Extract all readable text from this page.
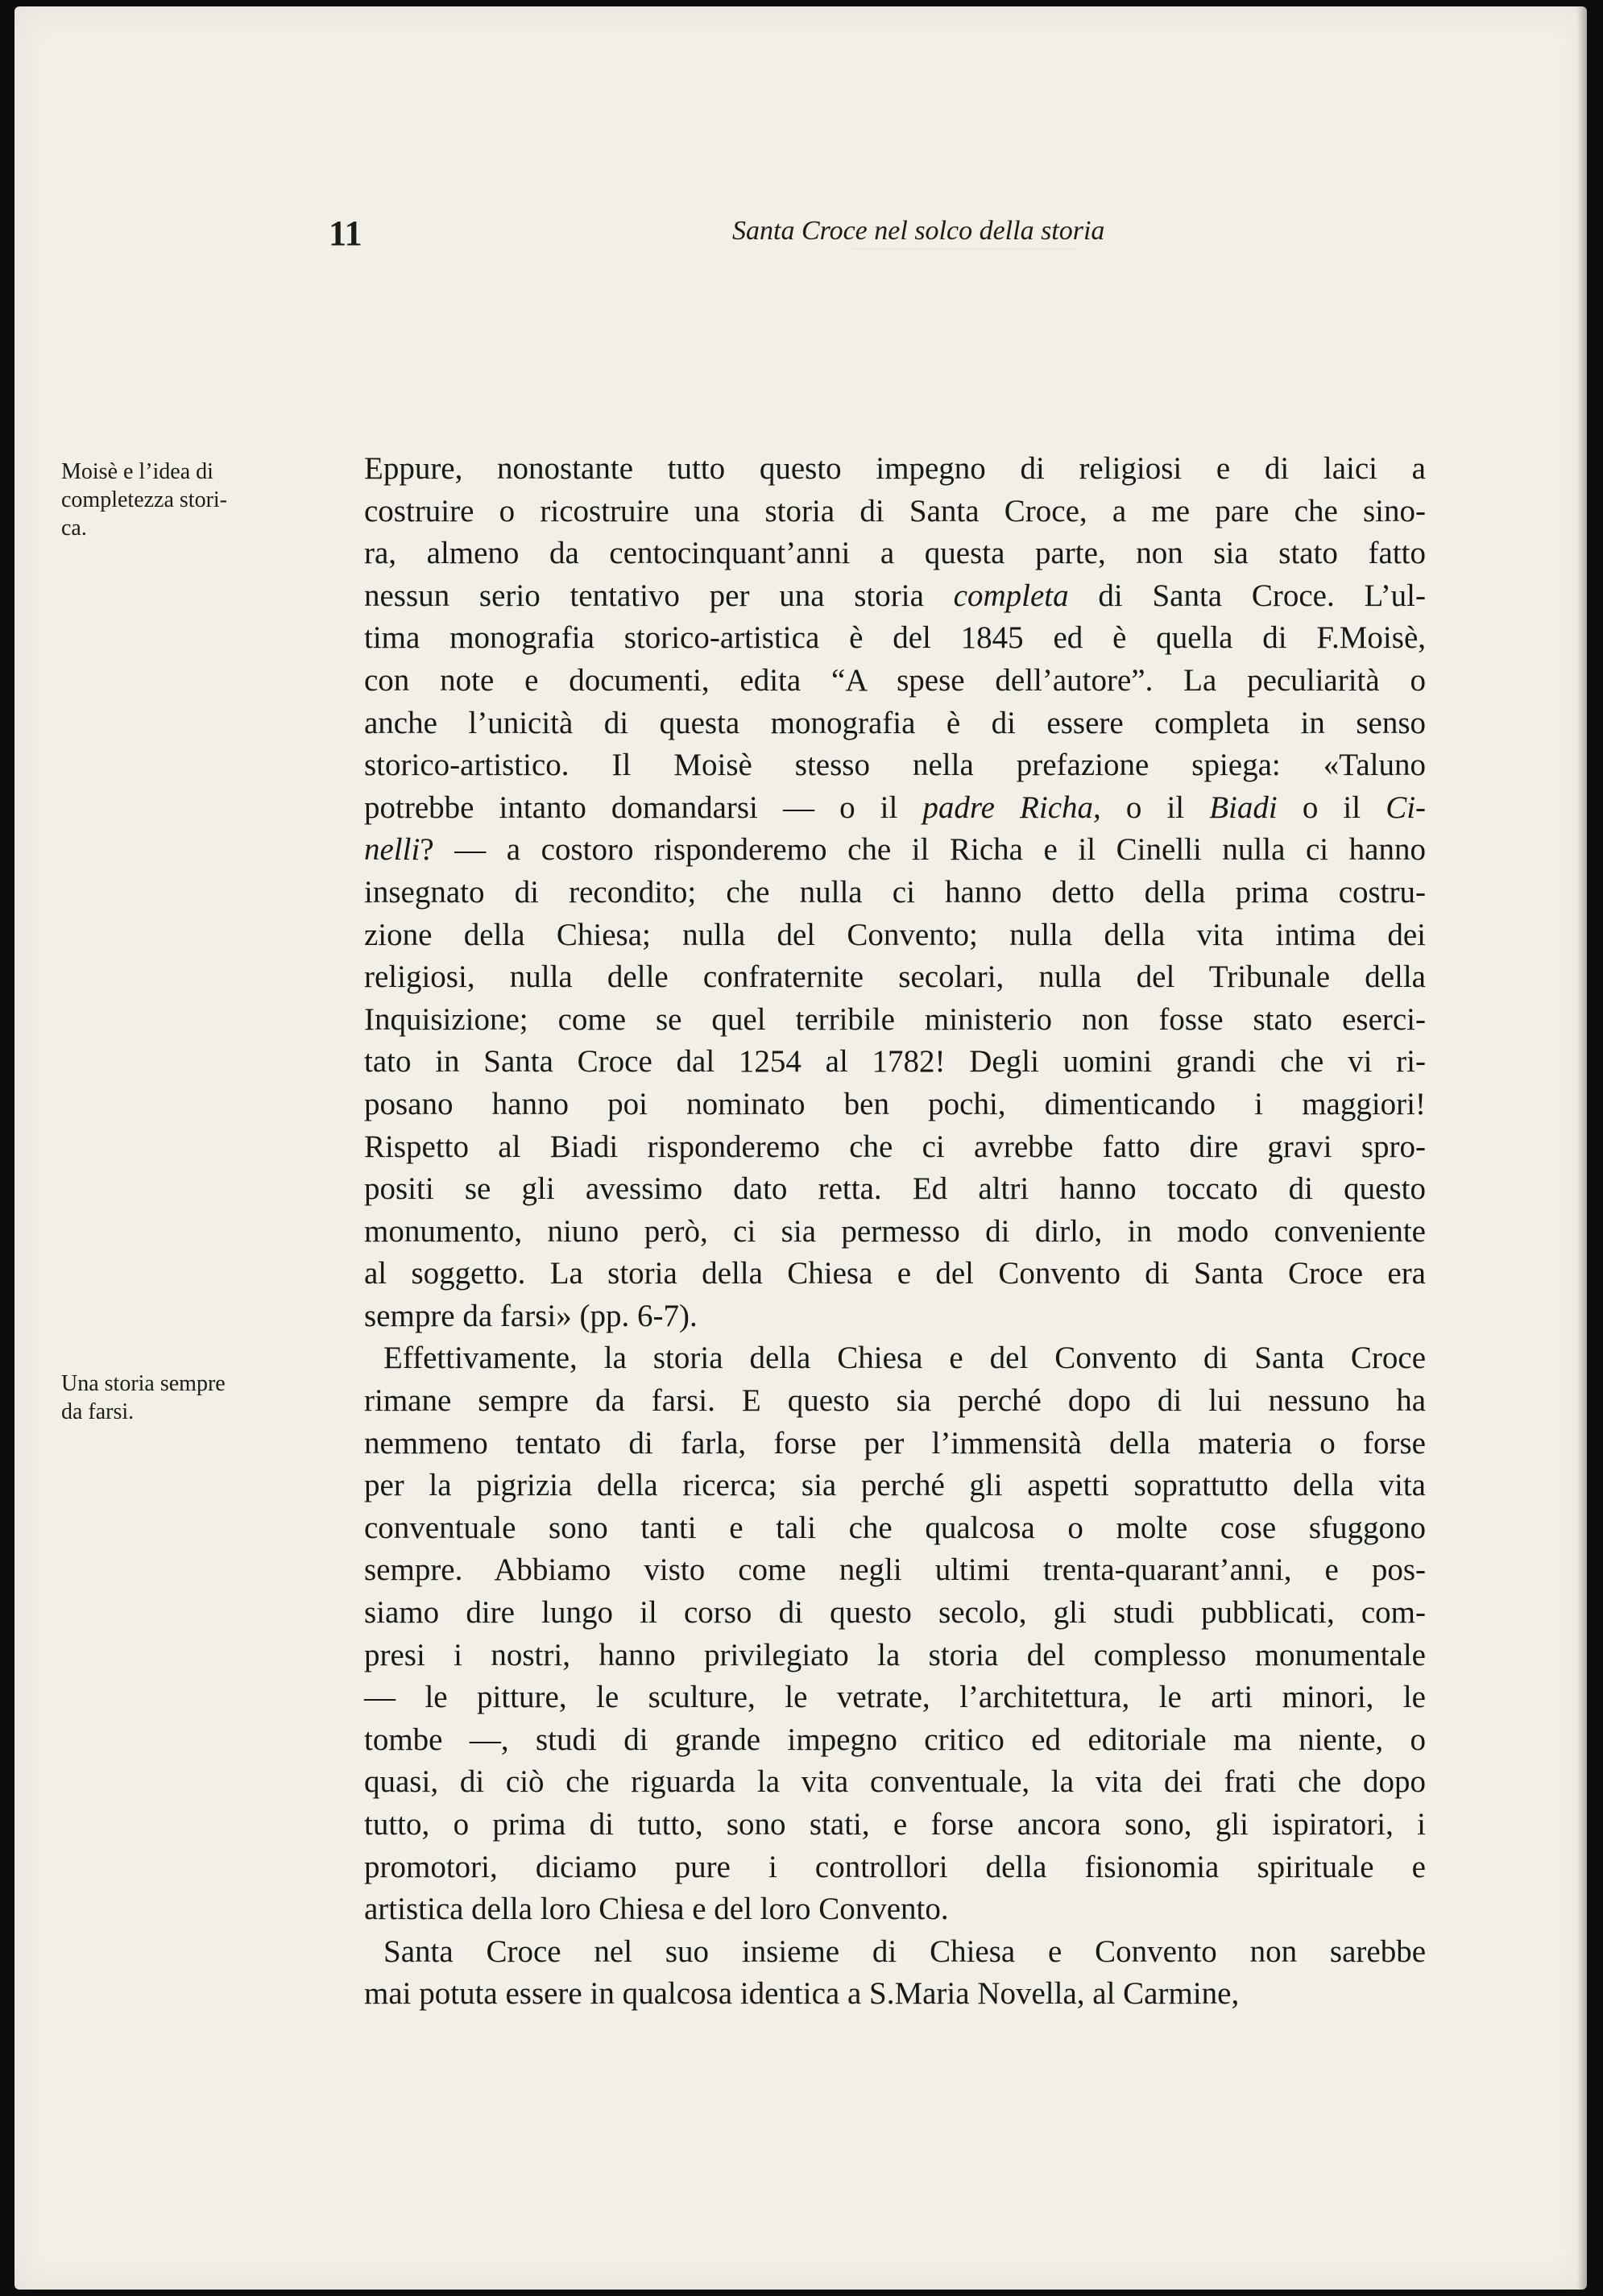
11	Santa Croce nel solco della storia
Moisè e l’idea di
completezza stori-
ca.
Una storia sempre
da farsi.
Eppure, nonostante tutto questo impegno di religiosi e di laici a
costruire o ricostruire una storia di Santa Croce, a me pare che sino-
ra, almeno da centocinquant’anni a questa parte, non sia stato fatto
nessun serio tentativo per una storia completa di Santa Croce. L’ul-
tima monografia storico-artistica è del 1845 ed è quella di F.Moisè,
con note e documenti, edita “A spese dell’autore”. La peculiarità o
anche l’unicità di questa monografia è di essere completa in senso
storico-artistico. Il Moisè stesso nella prefazione spiega: «Taluno
potrebbe intanto domandarsi — o il padre Richa, o il Biadi o il Ci-
nelli? — a costoro risponderemo che il Richa e il Cinelli nulla ci hanno
insegnato di recondito; che nulla ci hanno detto della prima costru-
zione della Chiesa; nulla del Convento; nulla della vita intima dei
religiosi, nulla delle confraternite secolari, nulla del Tribunale della
Inquisizione; come se quel terribile ministerio non fosse stato eserci-
tato in Santa Croce dal 1254 al 1782! Degli uomini grandi che vi ri-
posano hanno poi nominato ben pochi, dimenticando i maggiori!
Rispetto al Biadi risponderemo che ci avrebbe fatto dire gravi spro-
positi se gli avessimo dato retta. Ed altri hanno toccato di questo
monumento, niuno però, ci sia permesso di dirlo, in modo conveniente
al soggetto. La storia della Chiesa e del Convento di Santa Croce era
sempre da farsi» (pp. 6-7).
Effettivamente, la storia della Chiesa e del Convento di Santa Croce
rimane sempre da farsi. E questo sia perché dopo di lui nessuno ha
nemmeno tentato di farla, forse per l’immensità della materia o forse
per la pigrizia della ricerca; sia perché gli aspetti soprattutto della vita
conventuale sono tanti e tali che qualcosa o molte cose sfuggono
sempre. Abbiamo visto come negli ultimi trenta-quarant’anni, e pos-
siamo dire lungo il corso di questo secolo, gli studi pubblicati, com-
presi i nostri, hanno privilegiato la storia del complesso monumentale
— le pitture, le sculture, le vetrate, l’architettura, le arti minori, le
tombe —, studi di grande impegno critico ed editoriale ma niente, o
quasi, di ciò che riguarda la vita conventuale, la vita dei frati che dopo
tutto, o prima di tutto, sono stati, e forse ancora sono, gli ispiratori, i
promotori, diciamo pure i controllori della fisionomia spirituale e
artistica della loro Chiesa e del loro Convento.
Santa Croce nel suo insieme di Chiesa e Convento non sarebbe
mai potuta essere in qualcosa identica a S.Maria Novella, al Carmine,
